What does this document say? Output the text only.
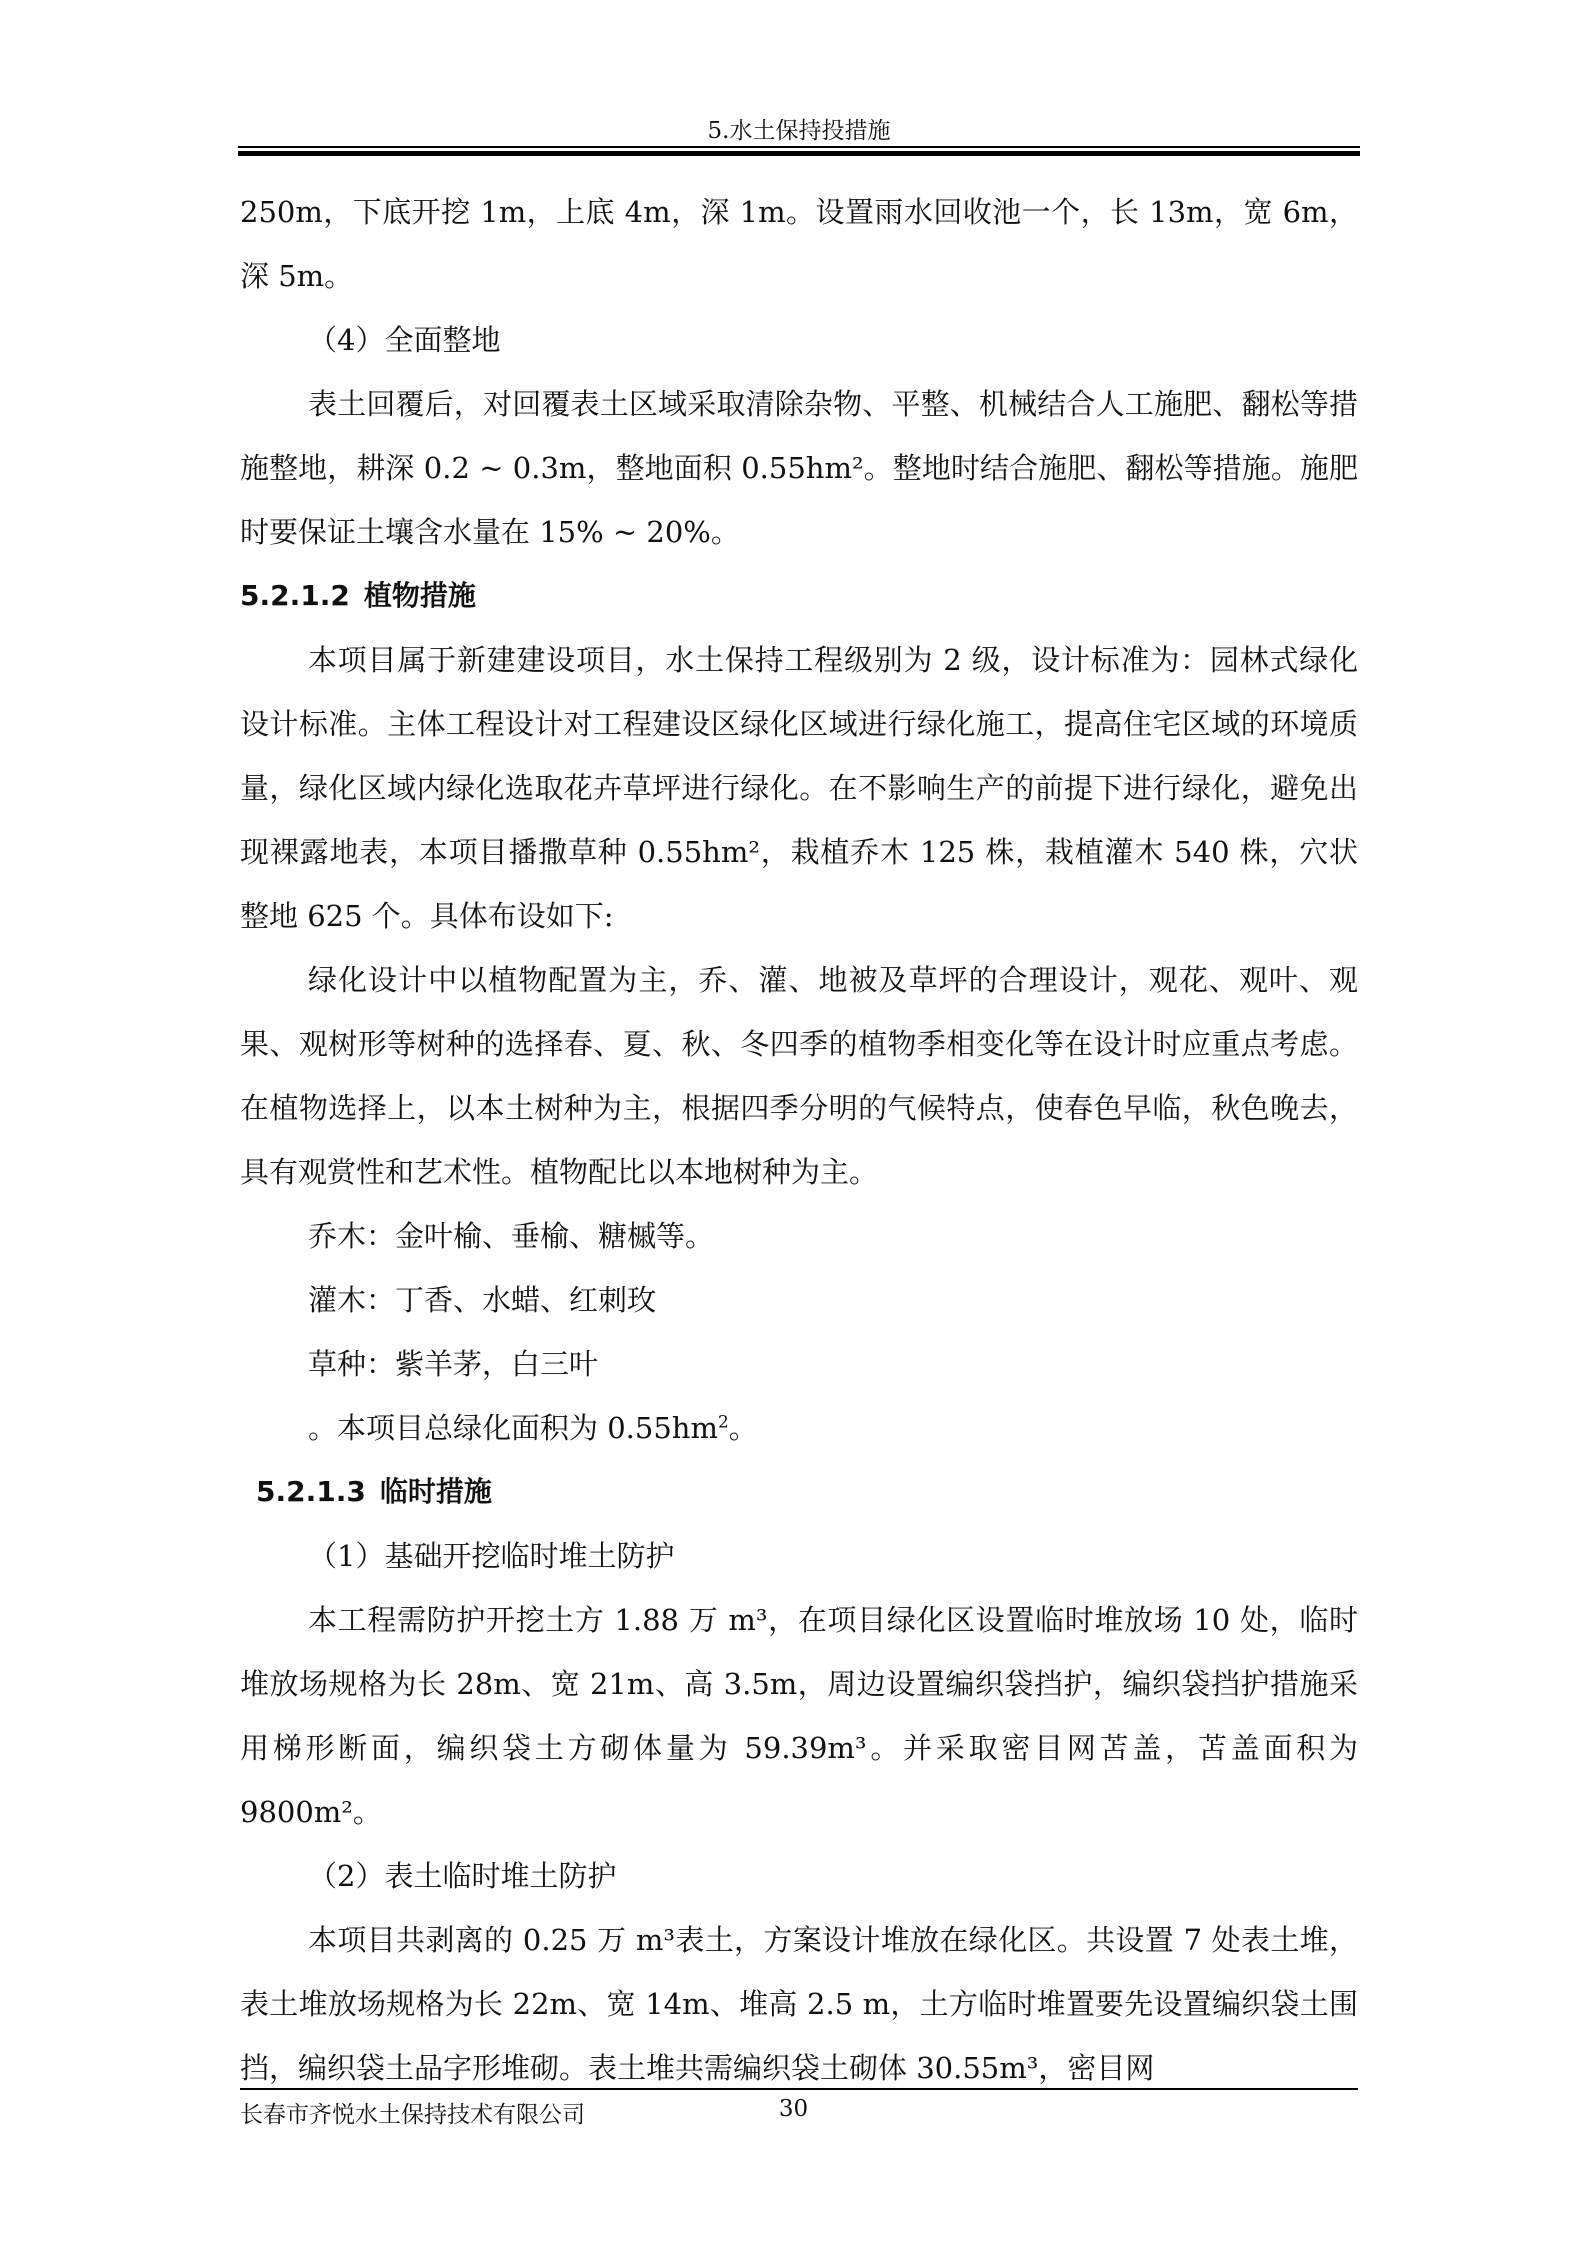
5.水土保持投措施

250m，下底开挖 1m，上底 4m，深 1m。设置雨水回收池一个，长 13m，宽 6m，深 5m。

（4）全面整地

表土回覆后，对回覆表土区域采取清除杂物、平整、机械结合人工施肥、翻松等措施整地，耕深 0.2 ~ 0.3m，整地面积 0.55hm²。整地时结合施肥、翻松等措施。施肥时要保证土壤含水量在 15% ~ 20%。

5.2.1.2 植物措施

本项目属于新建建设项目，水土保持工程级别为 2 级，设计标准为：园林式绿化设计标准。主体工程设计对工程建设区绿化区域进行绿化施工，提高住宅区域的环境质量，绿化区域内绿化选取花卉草坪进行绿化。在不影响生产的前提下进行绿化，避免出现裸露地表，本项目播撒草种 0.55hm²，栽植乔木 125 株，栽植灌木 540 株，穴状整地 625 个。具体布设如下:

绿化设计中以植物配置为主，乔、灌、地被及草坪的合理设计，观花、观叶、观果、观树形等树种的选择春、夏、秋、冬四季的植物季相变化等在设计时应重点考虑。在植物选择上，以本土树种为主，根据四季分明的气候特点，使春色早临，秋色晚去，具有观赏性和艺术性。植物配比以本地树种为主。

乔木：金叶榆、垂榆、糖槭等。

灌木：丁香、水蜡、红刺玫

草种：紫羊茅，白三叶

。本项目总绿化面积为 $0.55hm^2$。

5.2.1.3 临时措施

（1）基础开挖临时堆土防护

本工程需防护开挖土方 1.88 万 m³，在项目绿化区设置临时堆放场 10 处，临时堆放场规格为长 28m、宽 21m、高 3.5m，周边设置编织袋挡护，编织袋挡护措施采用梯形断面，编织袋土方砌体量为 59.39m³。并采取密目网苫盖，苫盖面积为 9800m²。

（2）表土临时堆土防护

本项目共剥离的 0.25 万 m³表土，方案设计堆放在绿化区。共设置 7 处表土堆，表土堆放场规格为长 22m、宽 14m、堆高 2.5 m，土方临时堆置要先设置编织袋土围挡，编织袋土品字形堆砌。表土堆共需编织袋土砌体 30.55m³，密目网

长春市齐悦水土保持技术有限公司	30
